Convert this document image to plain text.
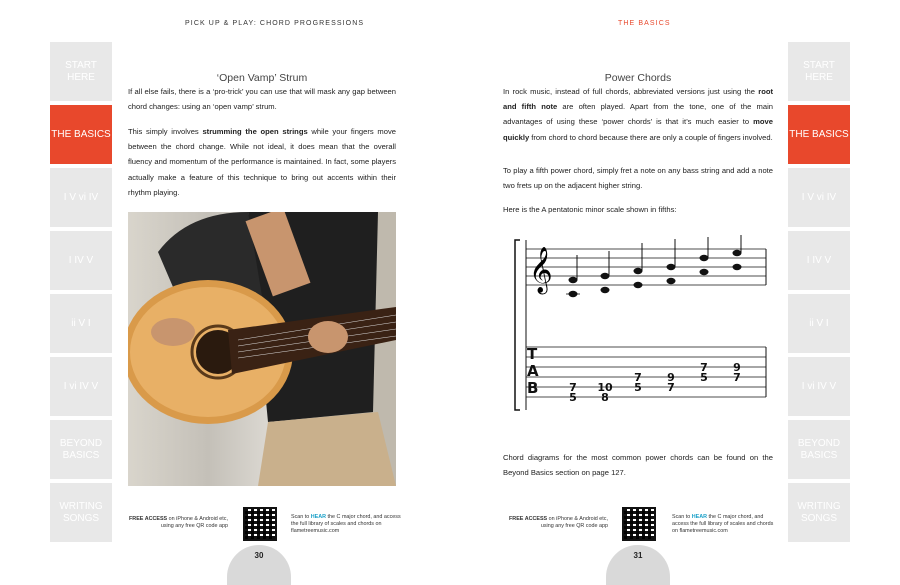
PICK UP & PLAY: CHORD PROGRESSIONS	THE BASICS
START HERE
THE BASICS
I V vi IV
I IV V
ii V I
I vi IV V
BEYOND BASICS
WRITING SONGS
START HERE
THE BASICS
I V vi IV
I IV V
ii V I
I vi IV V
BEYOND BASICS
WRITING SONGS
‘Open Vamp’ Strum
If all else fails, there is a ‘pro-trick’ you can use that will mask any gap between chord changes: using an ‘open vamp’ strum.
This simply involves strumming the open strings while your fingers move between the chord change. While not ideal, it does mean that the overall fluency and momentum of the performance is maintained. In fact, some players actually make a feature of this technique to bring out accents within their rhythm playing.
FREE ACCESS on iPhone & Android etc, using any free QR code app
Scan to HEAR the C major chord, and access the full library of scales and chords on flametreemusic.com
30
Power Chords
In rock music, instead of full chords, abbreviated versions just using the root and fifth note are often played. Apart from the tone, one of the main advantages of using these ‘power chords’ is that it’s much easier to move quickly from chord to chord because there are only a couple of fingers involved.
To play a fifth power chord, simply fret a note on any bass string and add a note two frets up on the adjacent higher string.
Here is the A pentatonic minor scale shown in fifths:
𝄞
T
A
B	7
5
10
8
7
5
9
7
7
5
9
7
Chord diagrams for the most common power chords can be found on the Beyond Basics section on page 127.
FREE ACCESS on iPhone & Android etc, using any free QR code app
Scan to HEAR the C major chord, and access the full library of scales and chords on flametreemusic.com
31
